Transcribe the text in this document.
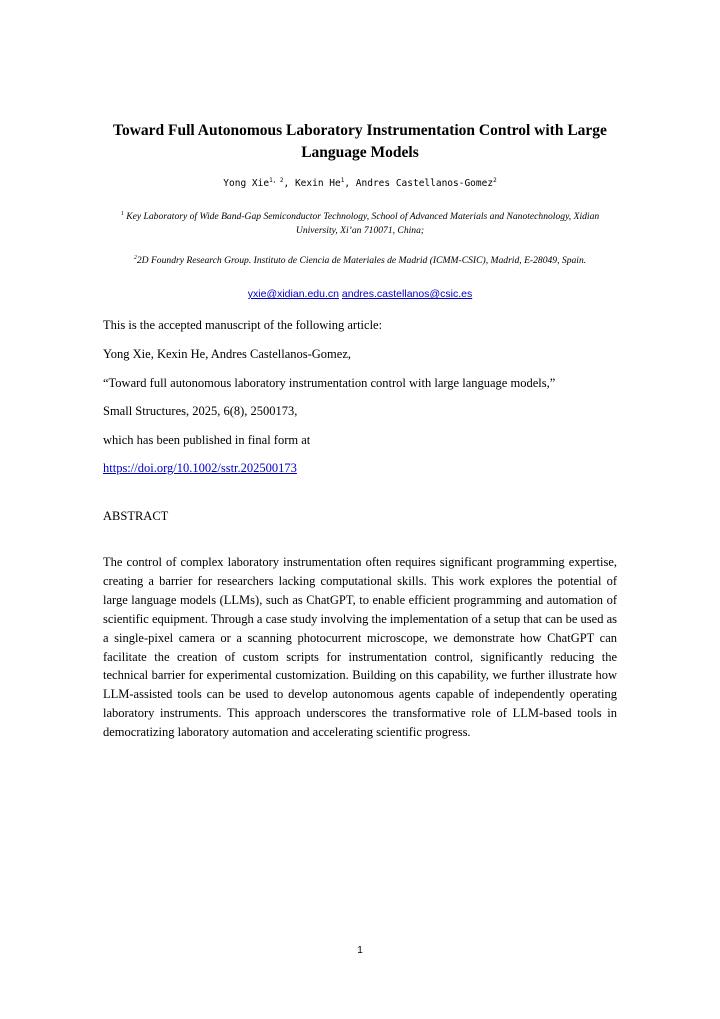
Toward Full Autonomous Laboratory Instrumentation Control with Large Language Models
Yong Xie$^{1, 2}$, Kexin He$^1$, Andres Castellanos-Gomez$^2$
$^1$ Key Laboratory of Wide Band-Gap Semiconductor Technology, School of Advanced Materials and Nanotechnology, Xidian University, Xi’an 710071, China;
$^2$2D Foundry Research Group. Instituto de Ciencia de Materiales de Madrid (ICMM-CSIC), Madrid, E-28049, Spain.
yxie@xidian.edu.cn andres.castellanos@csic.es
This is the accepted manuscript of the following article:
Yong Xie, Kexin He, Andres Castellanos-Gomez,
“Toward full autonomous laboratory instrumentation control with large language models,”
Small Structures, 2025, 6(8), 2500173,
which has been published in final form at
https://doi.org/10.1002/sstr.202500173
ABSTRACT

The control of complex laboratory instrumentation often requires significant programming expertise, creating a barrier for researchers lacking computational skills. This work explores the potential of large language models (LLMs), such as ChatGPT, to enable efficient programming and automation of scientific equipment. Through a case study involving the implementation of a setup that can be used as a single-pixel camera or a scanning photocurrent microscope, we demonstrate how ChatGPT can facilitate the creation of custom scripts for instrumentation control, significantly reducing the technical barrier for experimental customization. Building on this capability, we further illustrate how LLM-assisted tools can be used to develop autonomous agents capable of independently operating laboratory instruments. This approach underscores the transformative role of LLM-based tools in democratizing laboratory automation and accelerating scientific progress.

1
